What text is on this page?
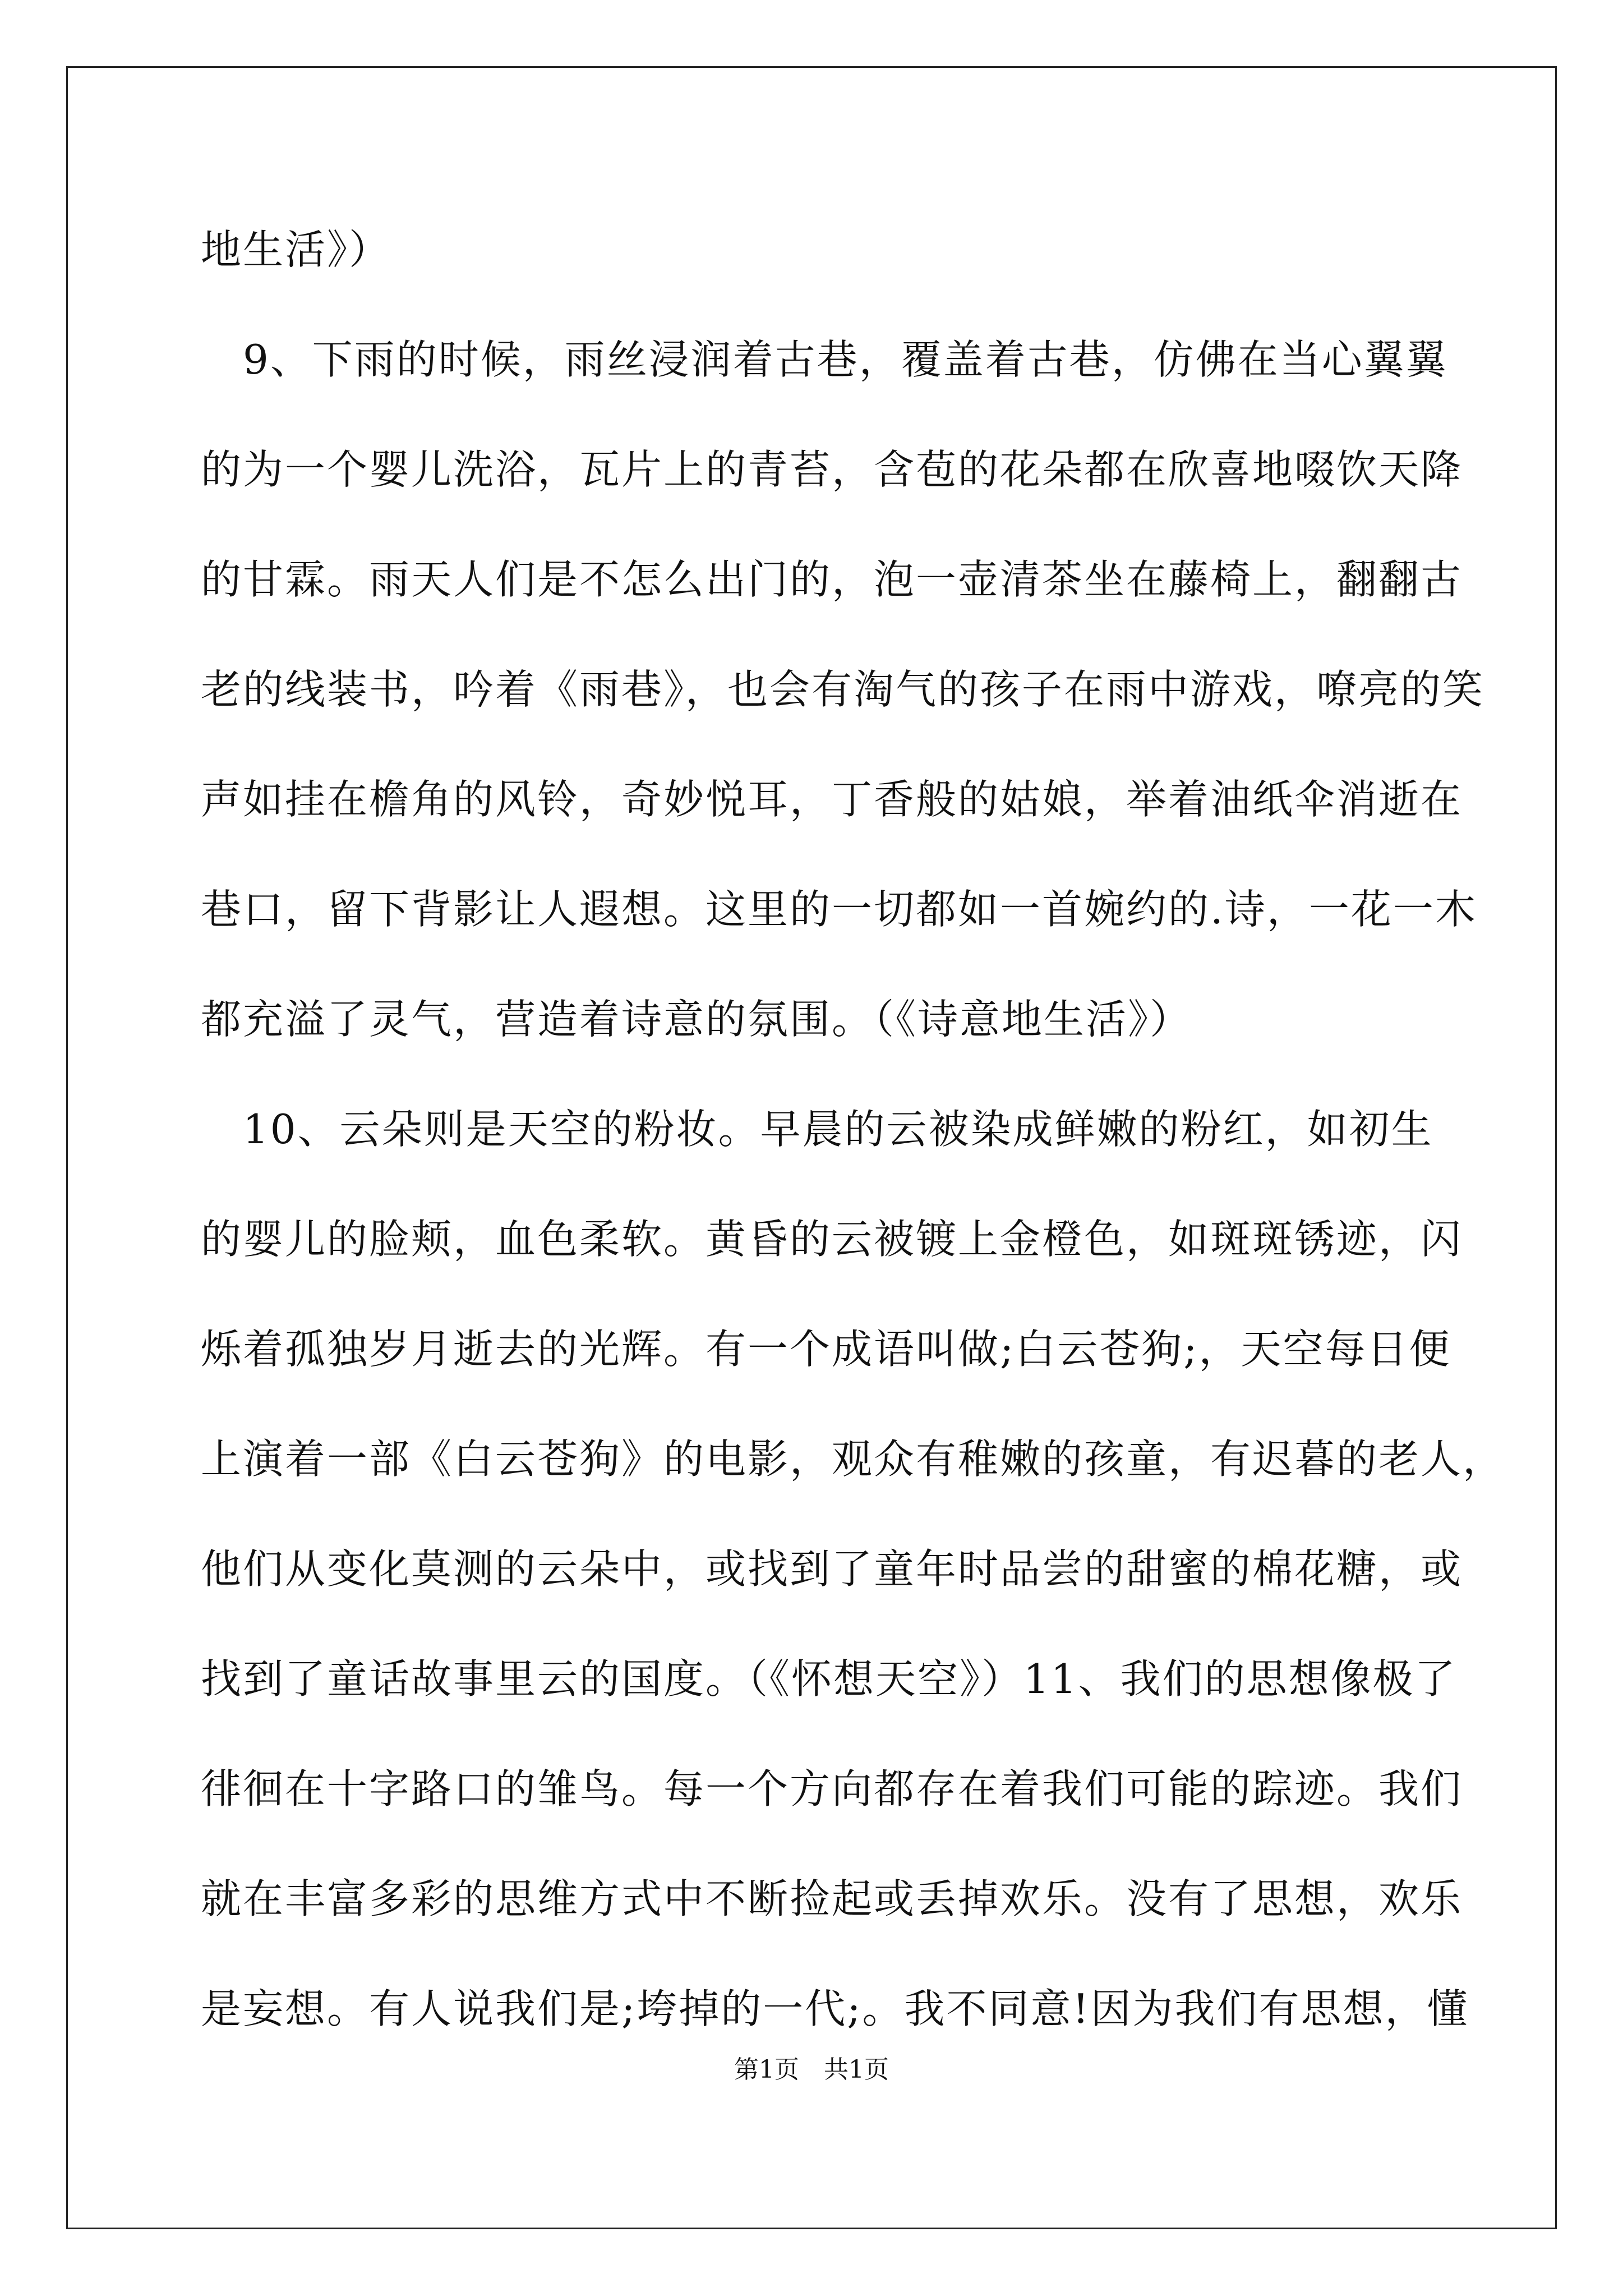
地生活》）
　9、下雨的时候，雨丝浸润着古巷，覆盖着古巷，仿佛在当心翼翼
的为一个婴儿洗浴，瓦片上的青苔，含苞的花朵都在欣喜地啜饮天降
的甘霖。雨天人们是不怎么出门的，泡一壶清茶坐在藤椅上，翻翻古
老的线装书，吟着《雨巷》，也会有淘气的孩子在雨中游戏，嘹亮的笑
声如挂在檐角的风铃，奇妙悦耳，丁香般的姑娘，举着油纸伞消逝在
巷口，留下背影让人遐想。这里的一切都如一首婉约的.诗，一花一木
都充溢了灵气，营造着诗意的氛围。（《诗意地生活》）
　10、云朵则是天空的粉妆。早晨的云被染成鲜嫩的粉红，如初生
的婴儿的脸颊，血色柔软。黄昏的云被镀上金橙色，如斑斑锈迹，闪
烁着孤独岁月逝去的光辉。有一个成语叫做;白云苍狗;，天空每日便
上演着一部《白云苍狗》的电影，观众有稚嫩的孩童，有迟暮的老人，
他们从变化莫测的云朵中，或找到了童年时品尝的甜蜜的棉花糖，或
找到了童话故事里云的国度。（《怀想天空》）11、我们的思想像极了
徘徊在十字路口的雏鸟。每一个方向都存在着我们可能的踪迹。我们
就在丰富多彩的思维方式中不断捡起或丢掉欢乐。没有了思想，欢乐
是妄想。有人说我们是;垮掉的一代;。我不同意!因为我们有思想，懂
第1页　共1页
